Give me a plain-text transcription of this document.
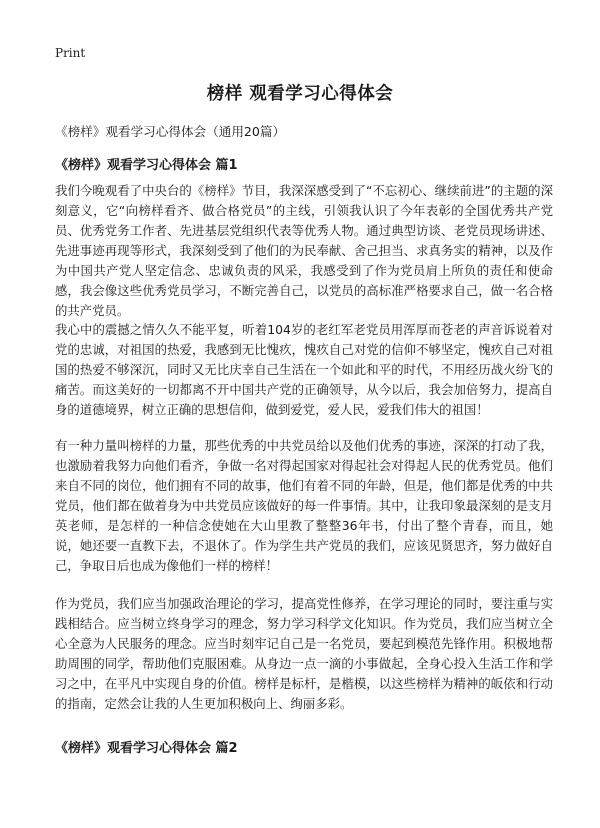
Print
榜样 观看学习心得体会

《榜样》观看学习心得体会（通用20篇）

《榜样》观看学习心得体会 篇1

我们今晚观看了中央台的《榜样》节目，我深深感受到了“不忘初心、继续前进”的主题的深刻意义，它“向榜样看齐、做合格党员”的主线，引领我认识了今年表彰的全国优秀共产党员、优秀党务工作者、先进基层党组织代表等优秀人物。通过典型访谈、老党员现场讲述、先进事迹再现等形式，我深刻受到了他们的为民奉献、舍己担当、求真务实的精神，以及作为中国共产党人坚定信念、忠诚负责的风采，我感受到了作为党员肩上所负的责任和使命感，我会像这些优秀党员学习，不断完善自己，以党员的高标准严格要求自己，做一名合格的共产党员。

我心中的震撼之情久久不能平复，听着104岁的老红军老党员用浑厚而苍老的声音诉说着对党的忠诚，对祖国的热爱，我感到无比愧疚，愧疚自己对党的信仰不够坚定，愧疚自己对祖国的热爱不够深沉，同时又无比庆幸自己生活在一个如此和平的时代，不用经历战火纷飞的痛苦。而这美好的一切都离不开中国共产党的正确领导，从今以后，我会加倍努力，提高自身的道德境界，树立正确的思想信仰，做到爱党，爱人民，爱我们伟大的祖国！

有一种力量叫榜样的力量，那些优秀的中共党员给以及他们优秀的事迹，深深的打动了我，也激励着我努力向他们看齐，争做一名对得起国家对得起社会对得起人民的优秀党员。他们来自不同的岗位，他们拥有不同的故事，他们有着不同的年龄，但是，他们都是优秀的中共党员，他们都在做着身为中共党员应该做好的每一件事情。其中，让我印象最深刻的是支月英老师，是怎样的一种信念使她在大山里教了整整36年书，付出了整个青春，而且，她说，她还要一直教下去，不退休了。作为学生共产党员的我们，应该见贤思齐，努力做好自己，争取日后也成为像他们一样的榜样！

作为党员，我们应当加强政治理论的学习，提高党性修养，在学习理论的同时，要注重与实践相结合。应当树立终身学习的理念，努力学习科学文化知识。作为党员，我们应当树立全心全意为人民服务的理念。应当时刻牢记自己是一名党员，要起到模范先锋作用。积极地帮助周围的同学，帮助他们克服困难。从身边一点一滴的小事做起，全身心投入生活工作和学习之中，在平凡中实现自身的价值。榜样是标杆，是楷模，以这些榜样为精神的皈依和行动的指南，定然会让我的人生更加积极向上、绚丽多彩。

《榜样》观看学习心得体会 篇2
